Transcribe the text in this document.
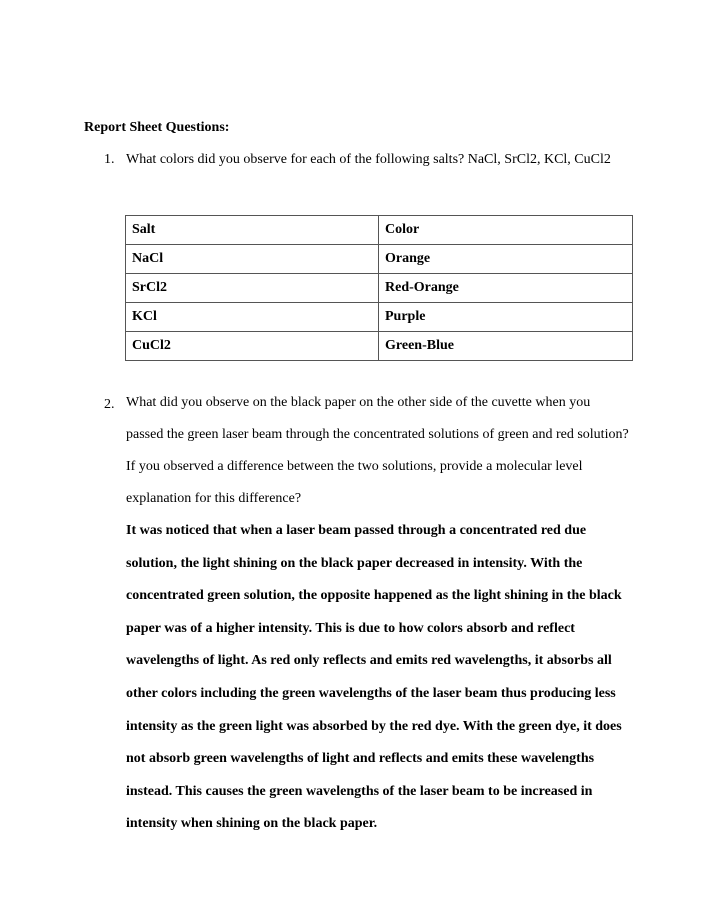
Report Sheet Questions:
1. What colors did you observe for each of the following salts? NaCl, SrCl2, KCl, CuCl2
Salt	Color
NaCl	Orange
SrCl2	Red-Orange
KCl	Purple
CuCl2	Green-Blue
2. What did you observe on the black paper on the other side of the cuvette when you
passed the green laser beam through the concentrated solutions of green and red solution?
If you observed a difference between the two solutions, provide a molecular level
explanation for this difference?
It was noticed that when a laser beam passed through a concentrated red due
solution, the light shining on the black paper decreased in intensity. With the
concentrated green solution, the opposite happened as the light shining in the black
paper was of a higher intensity. This is due to how colors absorb and reflect
wavelengths of light. As red only reflects and emits red wavelengths, it absorbs all
other colors including the green wavelengths of the laser beam thus producing less
intensity as the green light was absorbed by the red dye. With the green dye, it does
not absorb green wavelengths of light and reflects and emits these wavelengths
instead. This causes the green wavelengths of the laser beam to be increased in
intensity when shining on the black paper.
